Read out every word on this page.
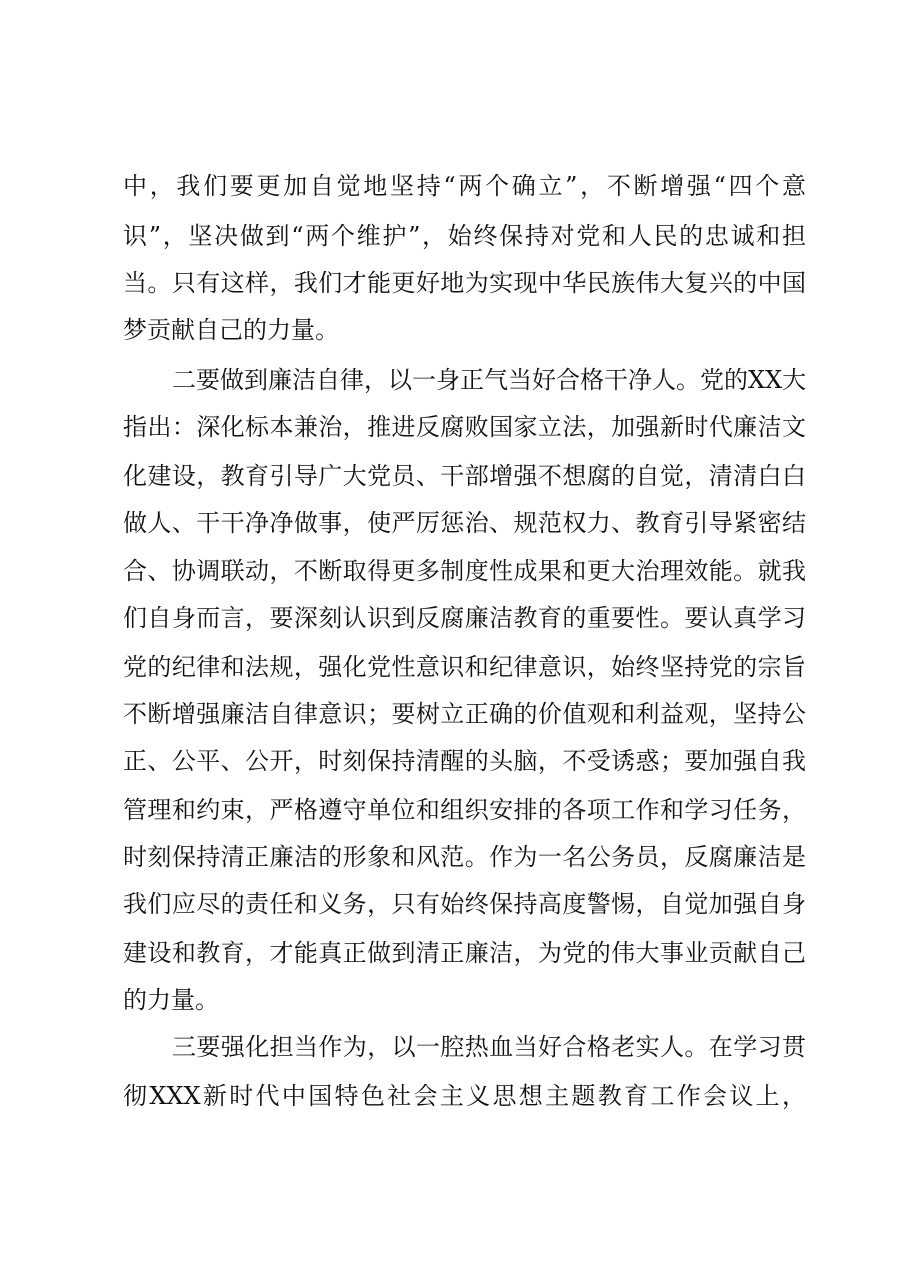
中，我们要更加自觉地坚持“两个确立”，不断增强“四个意
识”，坚决做到“两个维护”，始终保持对党和人民的忠诚和担
当。只有这样，我们才能更好地为实现中华民族伟大复兴的中国
梦贡献自己的力量。
二要做到廉洁自律，以一身正气当好合格干净人。党的XX大
指出：深化标本兼治，推进反腐败国家立法，加强新时代廉洁文
化建设，教育引导广大党员、干部增强不想腐的自觉，清清白白
做人、干干净净做事，使严厉惩治、规范权力、教育引导紧密结
合、协调联动，不断取得更多制度性成果和更大治理效能。就我
们自身而言，要深刻认识到反腐廉洁教育的重要性。要认真学习
党的纪律和法规，强化党性意识和纪律意识，始终坚持党的宗旨
不断增强廉洁自律意识；要树立正确的价值观和利益观，坚持公
正、公平、公开，时刻保持清醒的头脑，不受诱惑；要加强自我
管理和约束，严格遵守单位和组织安排的各项工作和学习任务，
时刻保持清正廉洁的形象和风范。作为一名公务员，反腐廉洁是
我们应尽的责任和义务，只有始终保持高度警惕，自觉加强自身
建设和教育，才能真正做到清正廉洁，为党的伟大事业贡献自己
的力量。
三要强化担当作为，以一腔热血当好合格老实人。在学习贯
彻XXX新时代中国特色社会主义思想主题教育工作会议上，
